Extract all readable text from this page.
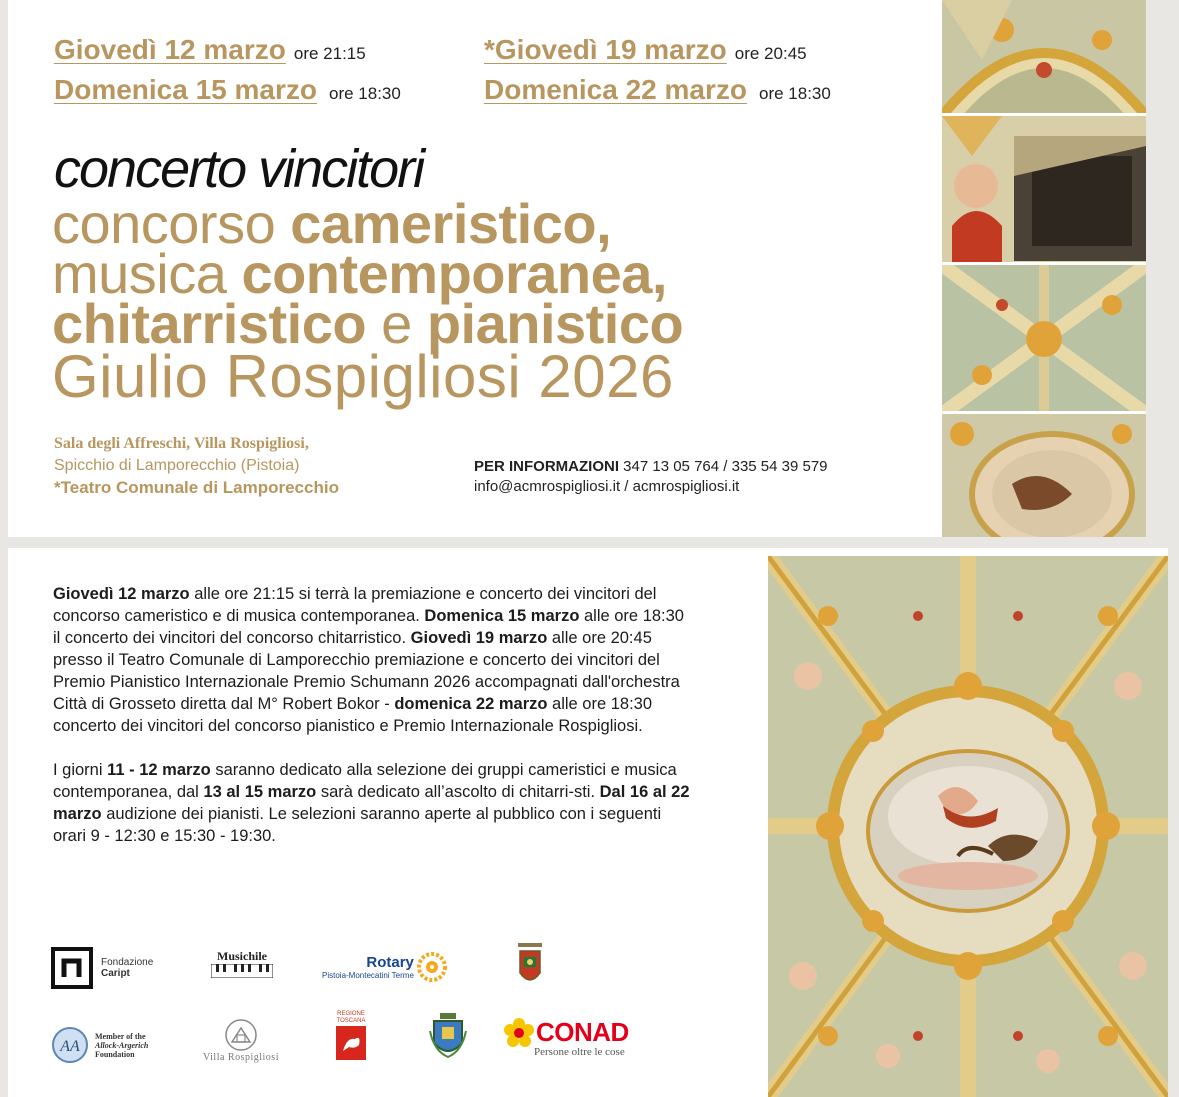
Giovedì 12 marzo ore 21:15
Domenica 15 marzo ore 18:30
*Giovedì 19 marzo ore 20:45
Domenica 22 marzo ore 18:30
concerto vincitori
concorso cameristico,
musica contemporanea,
chitarristico e pianistico
Giulio Rospigliosi 2026
Sala degli Affreschi, Villa Rospigliosi,
Spicchio di Lamporecchio (Pistoia)
*Teatro Comunale di Lamporecchio
PER INFORMAZIONI 347 13 05 764 / 335 54 39 579
info@acmrospigliosi.it / acmrospigliosi.it

Giovedì 12 marzo alle ore 21:15 si terrà la premiazione e concerto dei vincitori del concorso cameristico e di musica contemporanea. Domenica 15 marzo alle ore 18:30 il concerto dei vincitori del concorso chitarristico. Giovedì 19 marzo alle ore 20:45 presso il Teatro Comunale di Lamporecchio premiazione e concerto dei vincitori del Premio Pianistico Internazionale Premio Schumann 2026 accompagnati dall'orchestra Città di Grosseto diretta dal M° Robert Bokor - domenica 22 marzo alle ore 18:30 concerto dei vincitori del concorso pianistico e Premio Internazionale Rospigliosi.

I giorni 11 - 12 marzo saranno dedicato alla selezione dei gruppi cameristici e musica contemporanea, dal 13 al 15 marzo sarà dedicato all’ascolto di chitarri-sti. Dal 16 al 22 marzo audizione dei pianisti. Le selezioni saranno aperte al pubblico con i seguenti orari 9 - 12:30 e 15:30 - 19:30.

Fondazione
Caript
Musichile	Rotary
Pistoia-Montecatini Terme
AA
Member of the
Allock-Argerich
Foundation	Villa Rospigliosi
REGIONE
TOSCANA	CONAD
Persone oltre le cose
